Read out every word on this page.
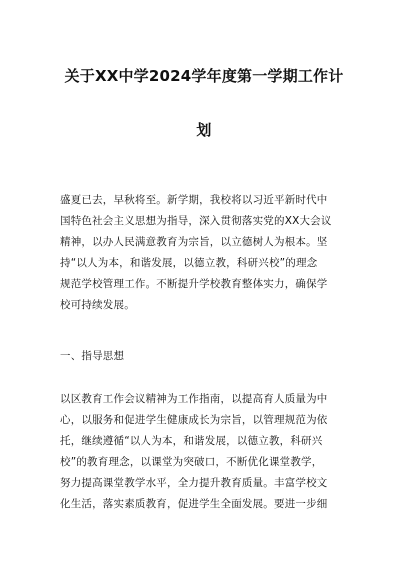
关于XX中学2024学年度第一学期工作计
划
盛夏已去，早秋将至。新学期，我校将以习近平新时代中
国特色社会主义思想为指导，深入贯彻落实党的XX大会议
精神，以办人民满意教育为宗旨，以立德树人为根本。坚
持“以人为本，和谐发展，以德立教，科研兴校”的理念
规范学校管理工作。不断提升学校教育整体实力，确保学
校可持续发展。
一、指导思想
以区教育工作会议精神为工作指南，以提高育人质量为中
心，以服务和促进学生健康成长为宗旨，以管理规范为依
托，继续遵循“以人为本，和谐发展，以德立教，科研兴
校”的教育理念，以课堂为突破口，不断优化课堂教学，
努力提高课堂教学水平，全力提升教育质量。丰富学校文
化生活，落实素质教育，促进学生全面发展。要进一步细
